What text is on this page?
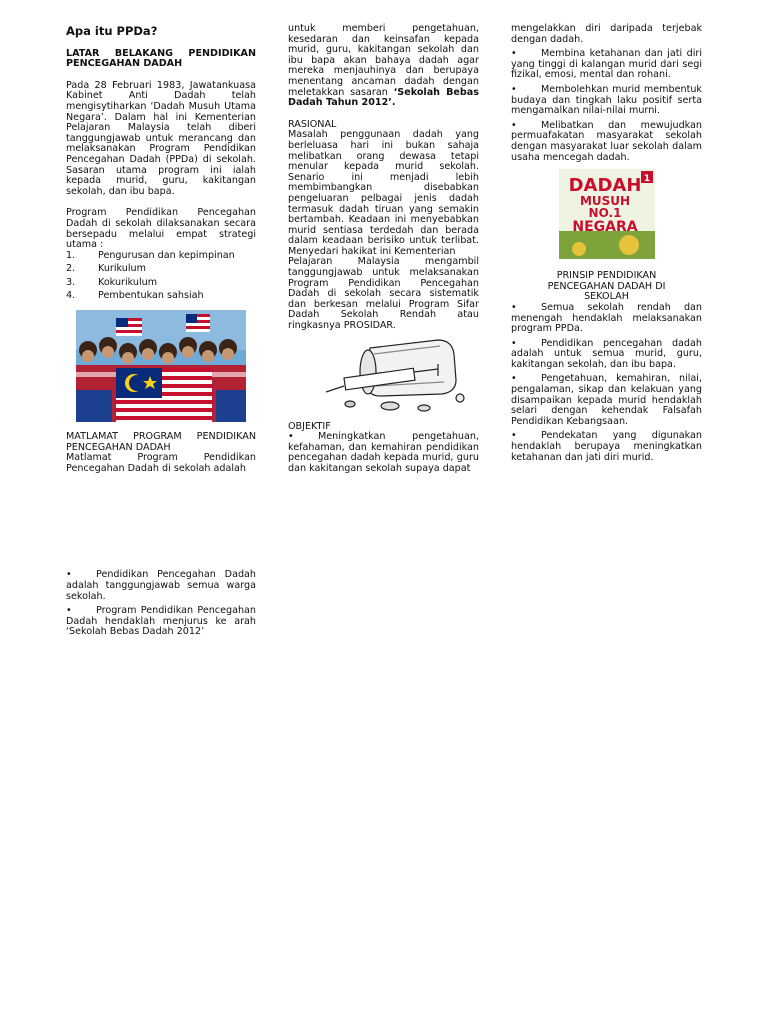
Apa itu PPDa?

LATAR BELAKANG PENDIDIKAN PENCEGAHAN DADAH

Pada 28 Februari 1983, Jawatankuasa Kabinet Anti Dadah telah mengisytiharkan ‘Dadah Musuh Utama Negara’. Dalam hal ini Kementerian Pelajaran Malaysia telah diberi tanggungjawab untuk merancang dan melaksanakan Program Pendidikan Pencegahan Dadah (PPDa) di sekolah. Sasaran utama program ini ialah kepada murid, guru, kakitangan sekolah, dan ibu bapa.

Program Pendidikan Pencegahan Dadah di sekolah dilaksanakan secara bersepadu melalui empat strategi utama :

1.	Pengurusan dan kepimpinan
2.	Kurikulum
3.	Kokurikulum
4.	Pembentukan sahsiah

MATLAMAT PROGRAM PENDIDIKAN PENCEGAHAN DADAH

Matlamat Program Pendidikan Pencegahan Dadah di sekolah adalah

•	Pendidikan Pencegahan Dadah adalah tanggungjawab semua warga sekolah.

•	Program Pendidikan Pencegahan Dadah hendaklah menjurus ke arah ‘Sekolah Bebas Dadah 2012’

untuk memberi pengetahuan, kesedaran dan keinsafan kepada murid, guru, kakitangan sekolah dan ibu bapa akan bahaya dadah agar mereka menjauhinya dan berupaya menentang ancaman dadah dengan meletakkan sasaran ‘Sekolah Bebas Dadah Tahun 2012’.

RASIONAL

Masalah penggunaan dadah yang berleluasa hari ini bukan sahaja melibatkan orang dewasa tetapi menular kepada murid sekolah. Senario ini menjadi lebih membimbangkan disebabkan pengeluaran pelbagai jenis dadah termasuk dadah tiruan yang semakin bertambah. Keadaan ini menyebabkan murid sentiasa terdedah dan berada dalam keadaan berisiko untuk terlibat. Menyedari hakikat ini Kementerian

Pelajaran Malaysia mengambil tanggungjawab untuk melaksanakan Program Pendidikan Pencegahan Dadah di sekolah secara sistematik dan berkesan melalui Program Sifar Dadah Sekolah Rendah atau ringkasnya PROSIDAR.

OBJEKTIF

•	Meningkatkan pengetahuan, kefahaman, dan kemahiran pendidikan pencegahan dadah kepada murid, guru dan kakitangan sekolah supaya dapat

mengelakkan diri daripada terjebak dengan dadah.

•	Membina ketahanan dan jati diri yang tinggi di kalangan murid dari segi fizikal, emosi, mental dan rohani.

•	Membolehkan murid membentuk budaya dan tingkah laku positif serta mengamalkan nilai-nilai murni.

•	Melibatkan dan mewujudkan permuafakatan masyarakat sekolah dengan masyarakat luar sekolah dalam usaha mencegah dadah.

DADAH
MUSUH
NO.1
NEGARA
1

PRINSIP PENDIDIKAN PENCEGAHAN DADAH DI SEKOLAH

•	Semua sekolah rendah dan menengah hendaklah melaksanakan program PPDa.

•	Pendidikan pencegahan dadah adalah untuk semua murid, guru, kakitangan sekolah, dan ibu bapa.

•	Pengetahuan, kemahiran, nilai, pengalaman, sikap dan kelakuan yang disampaikan kepada murid hendaklah selari dengan kehendak Falsafah Pendidikan Kebangsaan.

•	Pendekatan yang digunakan hendaklah berupaya meningkatkan ketahanan dan jati diri murid.
